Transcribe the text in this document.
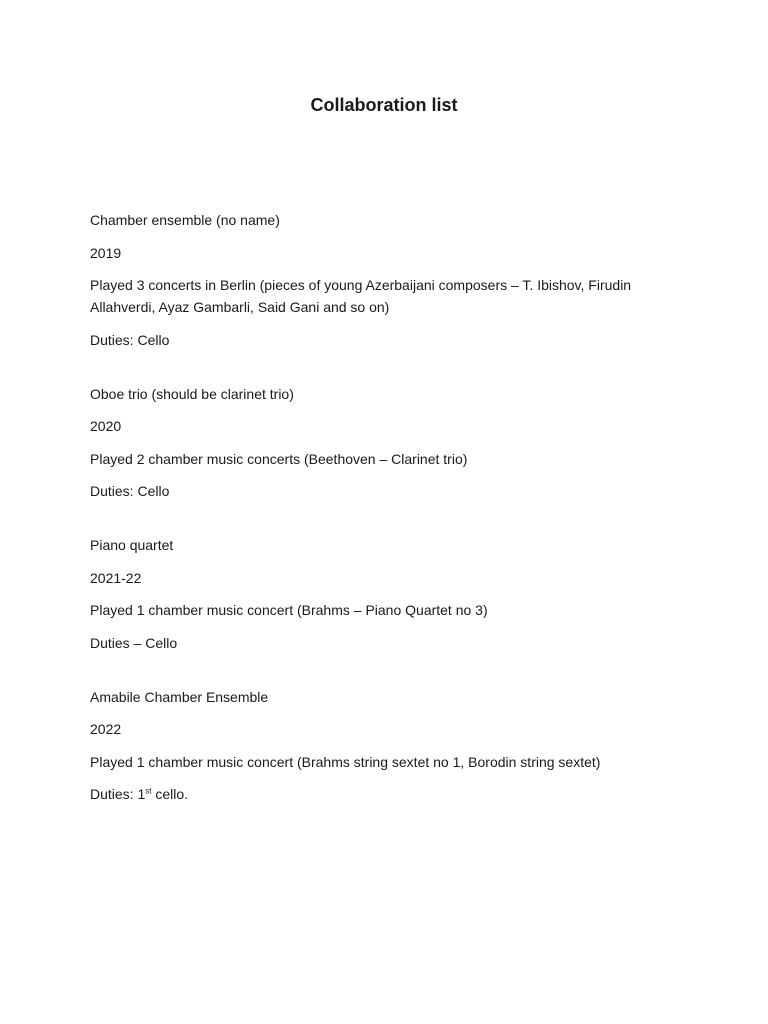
Collaboration list
Chamber ensemble (no name)
2019
Played 3 concerts in Berlin (pieces of young Azerbaijani composers – T. Ibishov, Firudin Allahverdi, Ayaz Gambarli, Said Gani and so on)
Duties: Cello
Oboe trio (should be clarinet trio)
2020
Played 2 chamber music concerts (Beethoven – Clarinet trio)
Duties: Cello
Piano quartet
2021-22
Played 1 chamber music concert (Brahms – Piano Quartet no 3)
Duties – Cello
Amabile Chamber Ensemble
2022
Played 1 chamber music concert (Brahms string sextet no 1, Borodin string sextet)
Duties: 1st cello.
